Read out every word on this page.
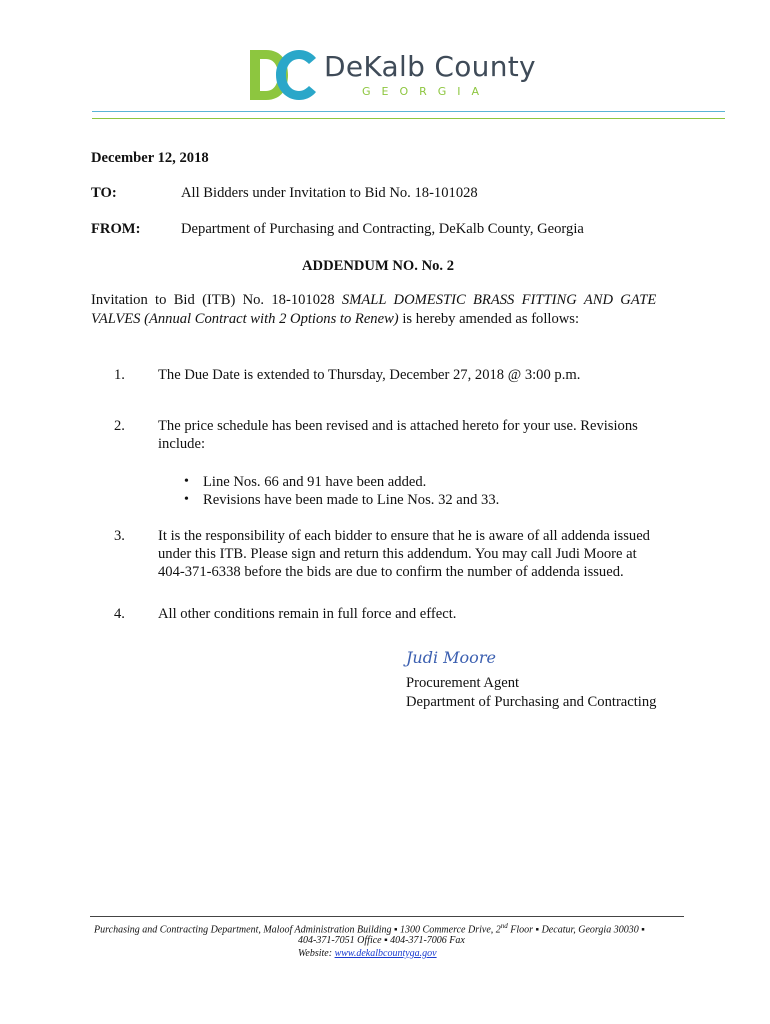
DeKalb County
GEORGIA
December 12, 2018
TO:	All Bidders under Invitation to Bid No. 18-101028
FROM:	Department of Purchasing and Contracting, DeKalb County, Georgia
ADDENDUM NO. No. 2
Invitation  to  Bid  (ITB)  No.  18-101028 SMALL  DOMESTIC  BRASS  FITTING  AND  GATE
VALVES (Annual Contract with 2 Options to Renew) is hereby amended as follows:
1. The Due Date is extended to Thursday, December 27, 2018 @ 3:00 p.m.
2. The price schedule has been revised and is attached hereto for your use. Revisions
include:
• Line Nos. 66 and 91 have been added.
• Revisions have been made to Line Nos. 32 and 33.
3. It is the responsibility of each bidder to ensure that he is aware of all addenda issued
under this ITB. Please sign and return this addendum. You may call Judi Moore at
404-371-6338 before the bids are due to confirm the number of addenda issued.
4. All other conditions remain in full force and effect.
Judi Moore
Procurement Agent
Department of Purchasing and Contracting
Purchasing and Contracting Department, Maloof Administration Building ▪ 1300 Commerce Drive, 2nd Floor ▪ Decatur, Georgia 30030 ▪
404-371-7051 Office ▪ 404-371-7006 Fax
Website: www.dekalbcountyga.gov
